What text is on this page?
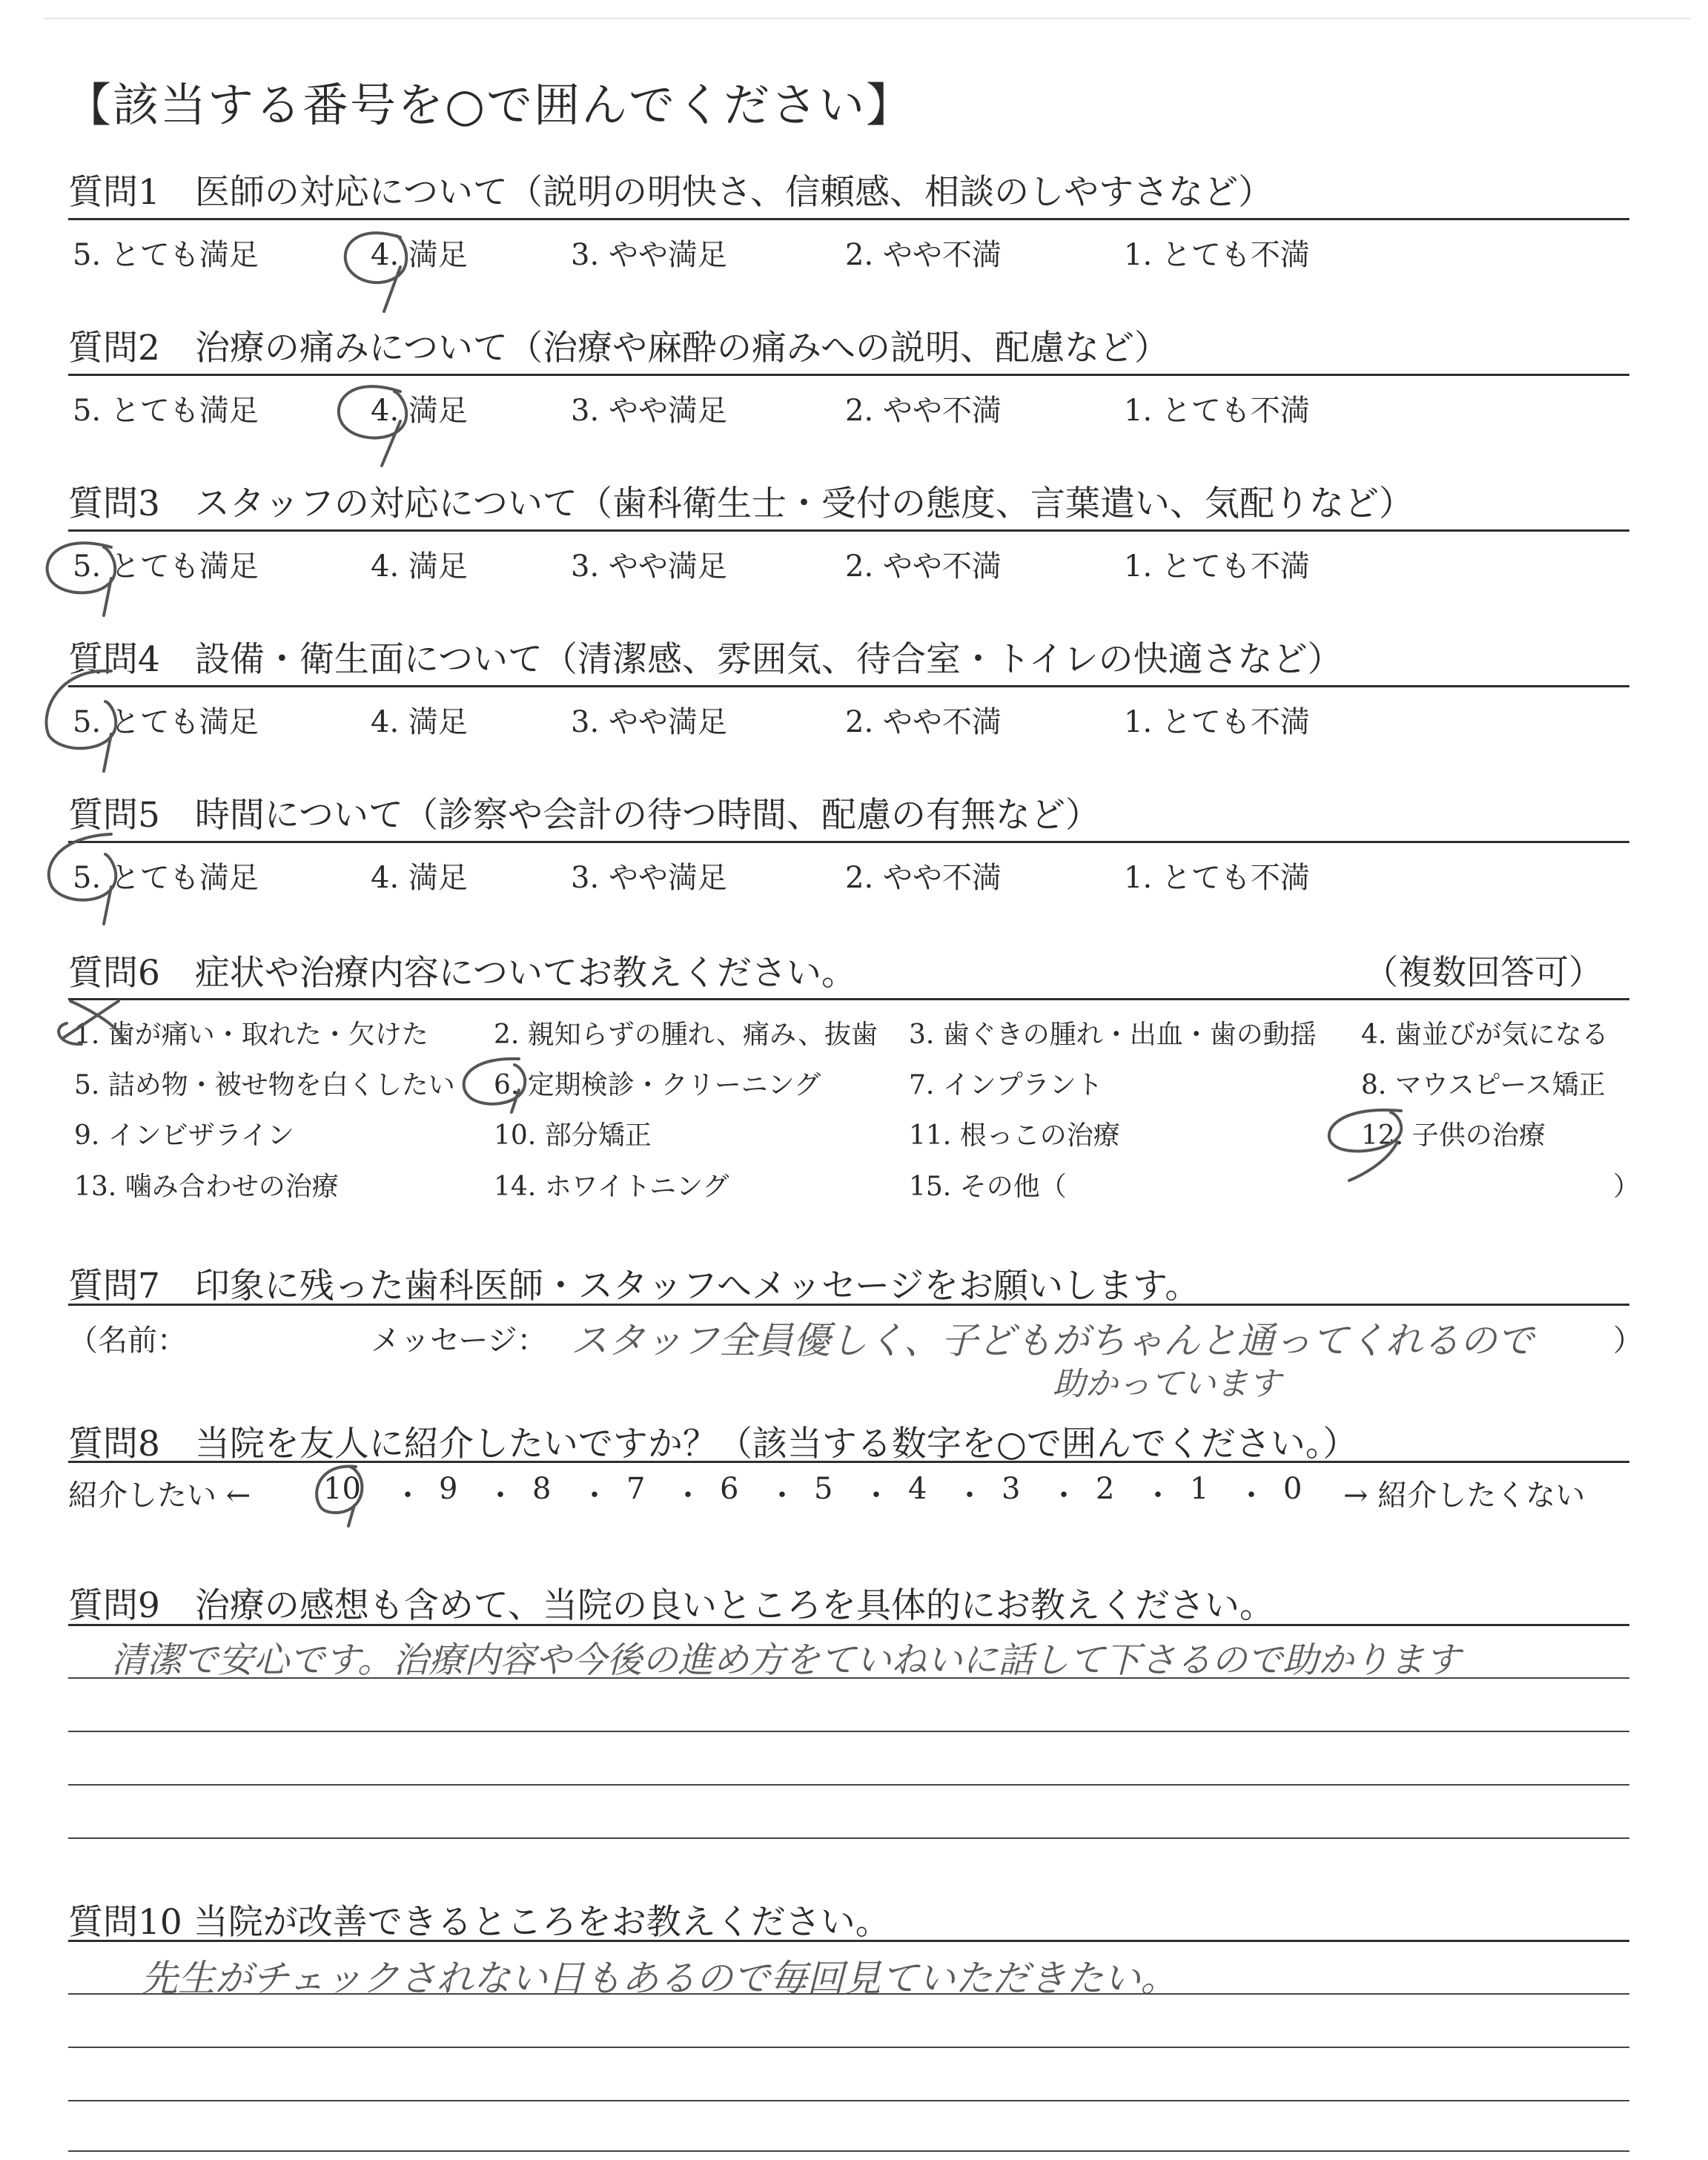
【該当する番号を○で囲んでください】
質問1　医師の対応について（説明の明快さ、信頼感、相談のしやすさなど）
5. とても満足	4. 満足	3. やや満足	2. やや不満	1. とても不満
質問2　治療の痛みについて（治療や麻酔の痛みへの説明、配慮など）
5. とても満足	4. 満足	3. やや満足	2. やや不満	1. とても不満
質問3　スタッフの対応について（歯科衛生士・受付の態度、言葉遣い、気配りなど）
5. とても満足	4. 満足	3. やや満足	2. やや不満	1. とても不満
質問4　設備・衛生面について（清潔感、雰囲気、待合室・トイレの快適さなど）
5. とても満足	4. 満足	3. やや満足	2. やや不満	1. とても不満
質問5　時間について（診察や会計の待つ時間、配慮の有無など）
5. とても満足	4. 満足	3. やや満足	2. やや不満	1. とても不満
質問6　症状や治療内容についてお教えください。	（複数回答可）
1. 歯が痛い・取れた・欠けた 2. 親知らずの腫れ、痛み、抜歯 3. 歯ぐきの腫れ・出血・歯の動揺 4. 歯並びが気になる
5. 詰め物・被せ物を白くしたい 6. 定期検診・クリーニング	7. インプラント	8. マウスピース矯正
9. インビザライン	10. 部分矯正	11. 根っこの治療	12. 子供の治療
13. 噛み合わせの治療	14. ホワイトニング	15. その他（	）
質問7　印象に残った歯科医師・スタッフへメッセージをお願いします。
（名前：	メッセージ：	）
スタッフ全員優しく、子どもがちゃんと通ってくれるので
助かっています
質問8　当院を友人に紹介したいですか？（該当する数字を○で囲んでください。）
紹介したい ←	→ 紹介したくない
10 ・ 9 ・ 8 ・ 7 ・ 6 ・ 5 ・ 4 ・ 3 ・ 2 ・ 1 ・ 0
質問9　治療の感想も含めて、当院の良いところを具体的にお教えください。
清潔で安心です。治療内容や今後の進め方をていねいに話して下さるので助かります
質問10 当院が改善できるところをお教えください。
先生がチェックされない日もあるので毎回見ていただきたい。
